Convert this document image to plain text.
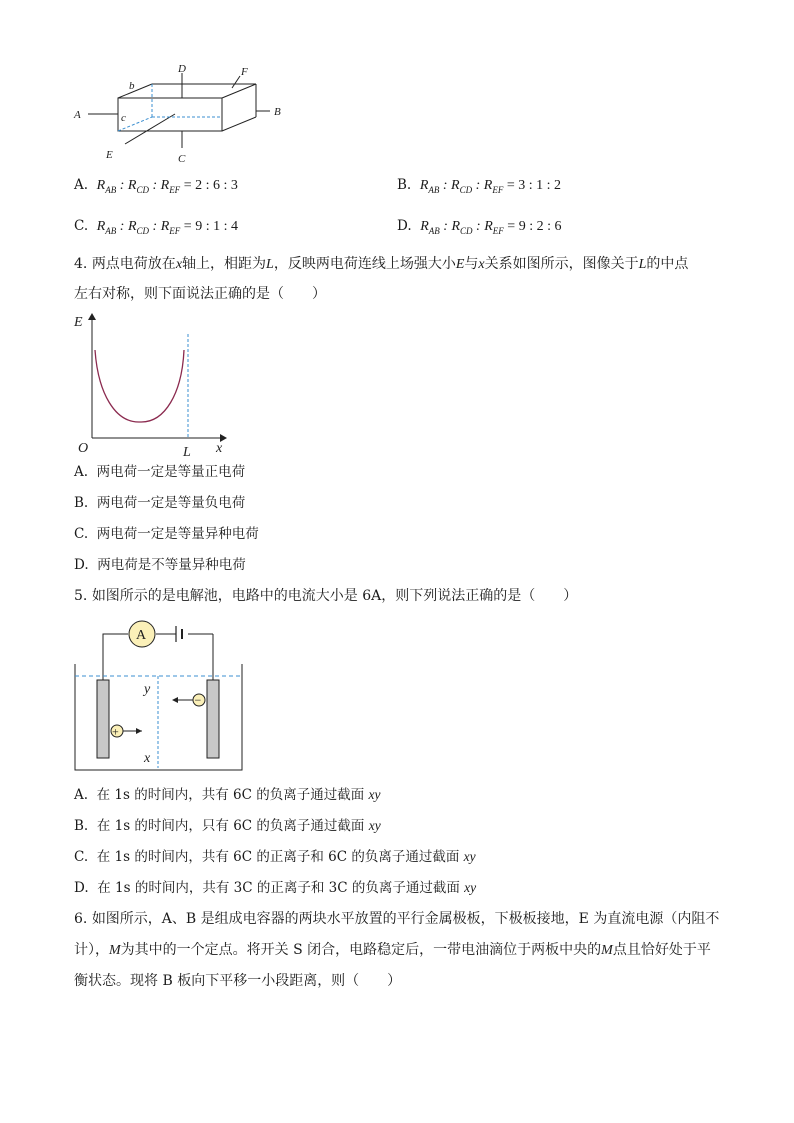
A	B
C
D
E
F
b
c
A. $R_{AB}$ : $R_{CD}$ : $R_{EF} = 2$ : 6 : 3	B. $R_{AB}$ : $R_{CD}$ : $R_{EF} = 3$ : 1 : 2
C. $R_{AB}$ : $R_{CD}$ : $R_{EF} = 9$ : 1 : 4	D. $R_{AB}$ : $R_{CD}$ : $R_{EF} = 9$ : 2 : 6
4. 两点电荷放在x轴上，相距为L，反映两电荷连线上场强大小E与x关系如图所示，图像关于L的中点
左右对称，则下面说法正确的是（　　）
E
x
O	L
A. 两电荷一定是等量正电荷
B. 两电荷一定是等量负电荷
C. 两电荷一定是等量异种电荷
D. 两电荷是不等量异种电荷
5. 如图所示的是电解池，电路中的电流大小是 6A，则下列说法正确的是（　　）
A
+
−
y
x
A. 在 1s 的时间内，共有 6C 的负离子通过截面 xy
B. 在 1s 的时间内，只有 6C 的负离子通过截面 xy
C. 在 1s 的时间内，共有 6C 的正离子和 6C 的负离子通过截面 xy
D. 在 1s 的时间内，共有 3C 的正离子和 3C 的负离子通过截面 xy
6. 如图所示，A、B 是组成电容器的两块水平放置的平行金属极板，下极板接地，E 为直流电源（内阻不
计），M为其中的一个定点。将开关 S 闭合，电路稳定后，一带电油滴位于两板中央的M点且恰好处于平
衡状态。现将 B 板向下平移一小段距离，则（　　）
